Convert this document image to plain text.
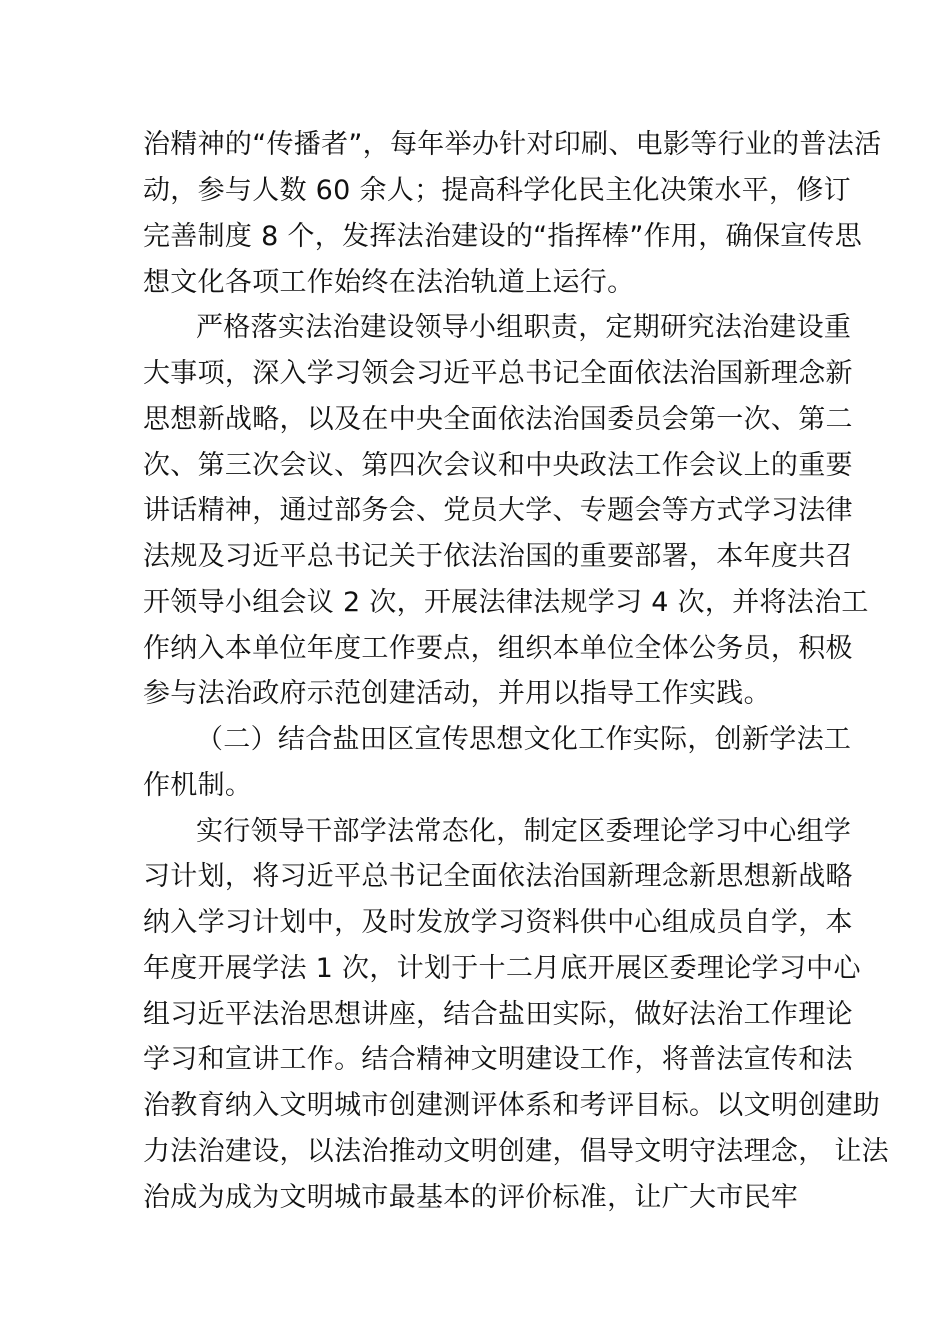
治精神的“传播者”，每年举办针对印刷、电影等行业的普法活
动，参与人数 60 余人；提高科学化民主化决策水平，修订
完善制度 8 个，发挥法治建设的“指挥棒”作用，确保宣传思
想文化各项工作始终在法治轨道上运行。
严格落实法治建设领导小组职责，定期研究法治建设重
大事项，深入学习领会习近平总书记全面依法治国新理念新
思想新战略，以及在中央全面依法治国委员会第一次、第二
次、第三次会议、第四次会议和中央政法工作会议上的重要
讲话精神，通过部务会、党员大学、专题会等方式学习法律
法规及习近平总书记关于依法治国的重要部署，本年度共召
开领导小组会议 2 次，开展法律法规学习 4 次，并将法治工
作纳入本单位年度工作要点，组织本单位全体公务员，积极
参与法治政府示范创建活动，并用以指导工作实践。
（二）结合盐田区宣传思想文化工作实际，创新学法工
作机制。
实行领导干部学法常态化，制定区委理论学习中心组学
习计划，将习近平总书记全面依法治国新理念新思想新战略
纳入学习计划中，及时发放学习资料供中心组成员自学，本
年度开展学法 1 次，计划于十二月底开展区委理论学习中心
组习近平法治思想讲座，结合盐田实际，做好法治工作理论
学习和宣讲工作。结合精神文明建设工作，将普法宣传和法
治教育纳入文明城市创建测评体系和考评目标。以文明创建助
力法治建设，以法治推动文明创建，倡导文明守法理念， 让法
治成为成为文明城市最基本的评价标准，让广大市民牢
